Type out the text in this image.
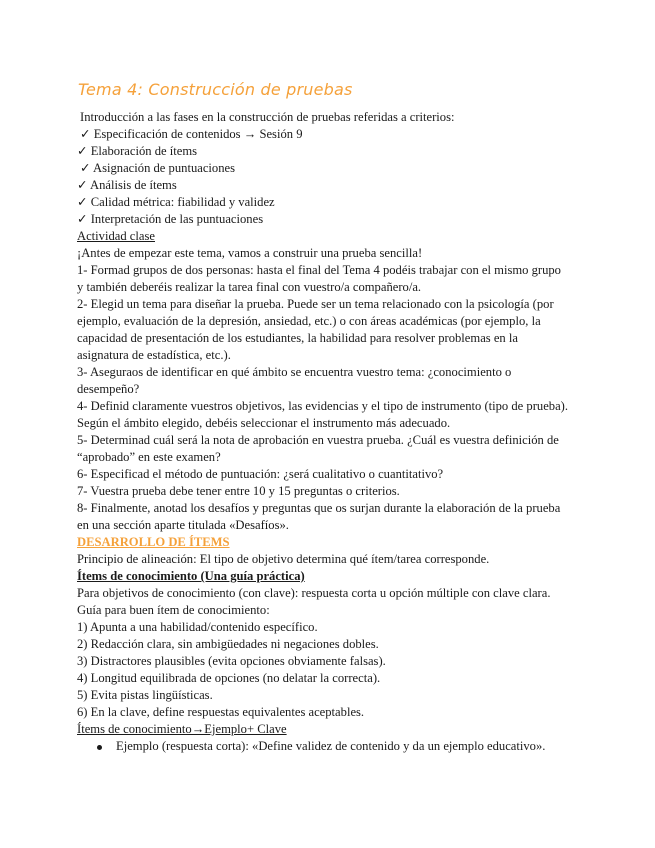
Tema 4: Construcción de pruebas
Introducción a las fases en la construcción de pruebas referidas a criterios:
✓ Especificación de contenidos → Sesión 9
✓ Elaboración de ítems
✓ Asignación de puntuaciones
✓ Análisis de ítems
✓ Calidad métrica: fiabilidad y validez
✓ Interpretación de las puntuaciones
Actividad clase
¡Antes de empezar este tema, vamos a construir una prueba sencilla!
1- Formad grupos de dos personas: hasta el final del Tema 4 podéis trabajar con el mismo grupo
y también deberéis realizar la tarea final con vuestro/a compañero/a.
2- Elegid un tema para diseñar la prueba. Puede ser un tema relacionado con la psicología (por
ejemplo, evaluación de la depresión, ansiedad, etc.) o con áreas académicas (por ejemplo, la
capacidad de presentación de los estudiantes, la habilidad para resolver problemas en la
asignatura de estadística, etc.).
3- Aseguraos de identificar en qué ámbito se encuentra vuestro tema: ¿conocimiento o
desempeño?
4- Definid claramente vuestros objetivos, las evidencias y el tipo de instrumento (tipo de prueba).
Según el ámbito elegido, debéis seleccionar el instrumento más adecuado.
5- Determinad cuál será la nota de aprobación en vuestra prueba. ¿Cuál es vuestra definición de
“aprobado” en este examen?
6- Especificad el método de puntuación: ¿será cualitativo o cuantitativo?
7- Vuestra prueba debe tener entre 10 y 15 preguntas o criterios.
8- Finalmente, anotad los desafíos y preguntas que os surjan durante la elaboración de la prueba
en una sección aparte titulada «Desafíos».
DESARROLLO DE ÍTEMS
Principio de alineación: El tipo de objetivo determina qué ítem/tarea corresponde.
Ítems de conocimiento (Una guía práctica)
Para objetivos de conocimiento (con clave): respuesta corta u opción múltiple con clave clara.
Guía para buen ítem de conocimiento:
1) Apunta a una habilidad/contenido específico.
2) Redacción clara, sin ambigüedades ni negaciones dobles.
3) Distractores plausibles (evita opciones obviamente falsas).
4) Longitud equilibrada de opciones (no delatar la correcta).
5) Evita pistas lingüísticas.
6) En la clave, define respuestas equivalentes aceptables.
Ítems de conocimiento→Ejemplo+ Clave
Ejemplo (respuesta corta): «Define validez de contenido y da un ejemplo educativo».
